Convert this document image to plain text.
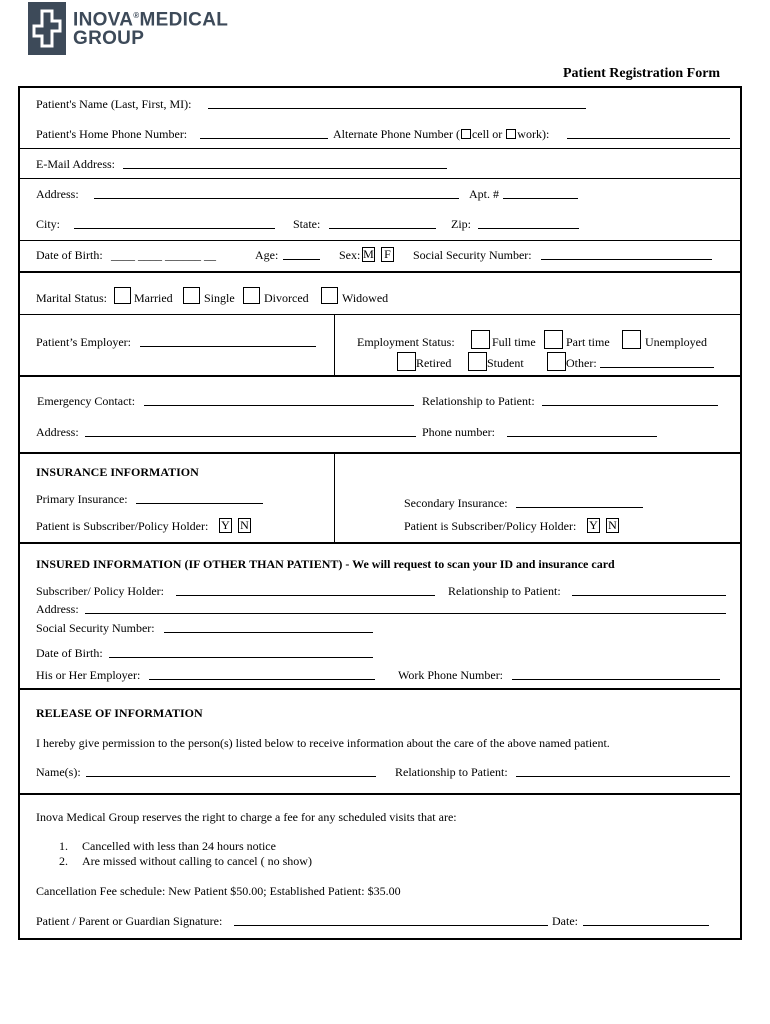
INOVA®MEDICAL
GROUP
Patient Registration Form
Patient's Name (Last, First, MI):
Patient's Home Phone Number:	Alternate Phone Number ( cell or work):
E-Mail Address:
Address:	Apt. #
City:	State:	Zip:
Date of Birth: ____ ____ ______ __	Age:	Sex: M F Social Security Number:
Marital Status: Married	Single Divorced	Widowed
Patient’s Employer:	Employment Status:	Full time	Part time	Unemployed
Retired	Student	Other:
Emergency Contact:	Relationship to Patient:
Address:	Phone number:
INSURANCE INFORMATION
Primary Insurance:	Secondary Insurance:
Patient is Subscriber/Policy Holder: Y N	Patient is Subscriber/Policy Holder: Y N
INSURED INFORMATION (IF OTHER THAN PATIENT) - We will request to scan your ID and insurance card
Subscriber/ Policy Holder:	Relationship to Patient:
Address:
Social Security Number:
Date of Birth:
His or Her Employer:	Work Phone Number:
RELEASE OF INFORMATION
I hereby give permission to the person(s) listed below to receive information about the care of the above named patient.
Name(s):	Relationship to Patient:
Inova Medical Group reserves the right to charge a fee for any scheduled visits that are:
1. Cancelled with less than 24 hours notice
2. Are missed without calling to cancel ( no show)
Cancellation Fee schedule: New Patient $50.00; Established Patient: $35.00
Patient / Parent or Guardian Signature:	Date:
